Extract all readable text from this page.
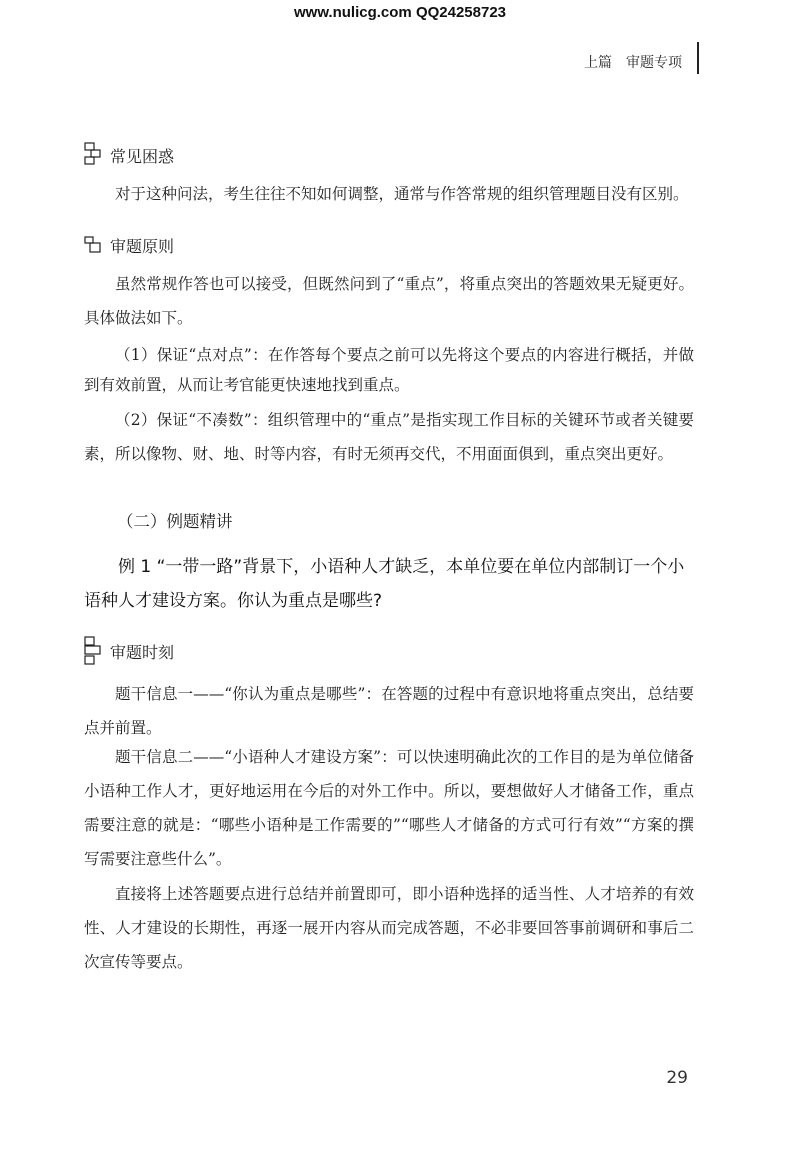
www.nulicg.com QQ24258723
上篇 审题专项
常见困惑

对于这种问法，考生往往不知如何调整，通常与作答常规的组织管理题目没有区别。

审题原则

虽然常规作答也可以接受，但既然问到了“重点”，将重点突出的答题效果无疑更好。具体做法如下。

（1）保证“点对点”：在作答每个要点之前可以先将这个要点的内容进行概括，并做到有效前置，从而让考官能更快速地找到重点。

（2）保证“不凑数”：组织管理中的“重点”是指实现工作目标的关键环节或者关键要素，所以像物、财、地、时等内容，有时无须再交代，不用面面俱到，重点突出更好。

（二）例题精讲

例 1 “一带一路”背景下，小语种人才缺乏，本单位要在单位内部制订一个小语种人才建设方案。你认为重点是哪些?

审题时刻

题干信息一——“你认为重点是哪些”：在答题的过程中有意识地将重点突出，总结要点并前置。

题干信息二——“小语种人才建设方案”：可以快速明确此次的工作目的是为单位储备小语种工作人才，更好地运用在今后的对外工作中。所以，要想做好人才储备工作，重点需要注意的就是：“哪些小语种是工作需要的”“哪些人才储备的方式可行有效”“方案的撰写需要注意些什么”。

直接将上述答题要点进行总结并前置即可，即小语种选择的适当性、人才培养的有效性、人才建设的长期性，再逐一展开内容从而完成答题，不必非要回答事前调研和事后二次宣传等要点。

29
